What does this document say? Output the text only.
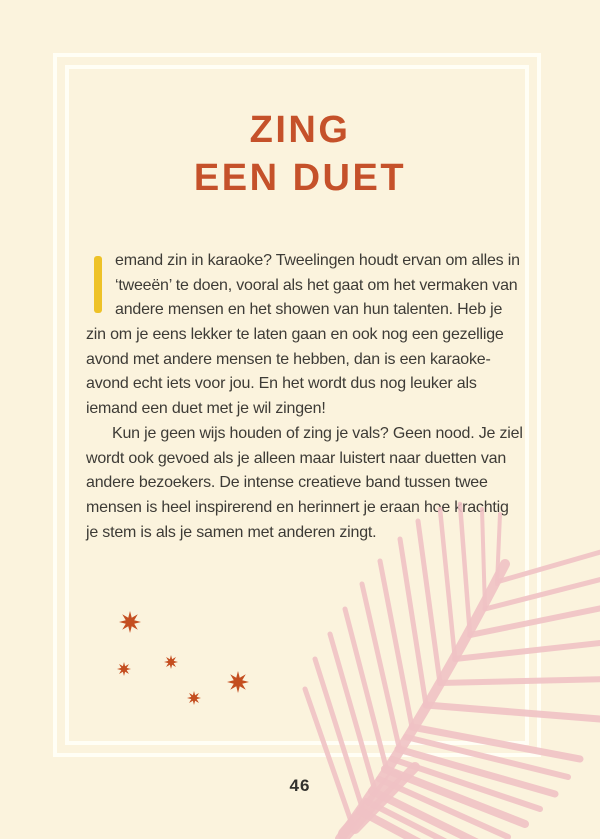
ZING
EEN DUET
emand zin in karaoke? Tweelingen houdt ervan om alles in
‘tweeën’ te doen, vooral als het gaat om het vermaken van
andere mensen en het showen van hun talenten. Heb je
zin om je eens lekker te laten gaan en ook nog een gezellige
avond met andere mensen te hebben, dan is een karaoke-
avond echt iets voor jou. En het wordt dus nog leuker als
iemand een duet met je wil zingen!
Kun je geen wijs houden of zing je vals? Geen nood. Je ziel
wordt ook gevoed als je alleen maar luistert naar duetten van
andere bezoekers. De intense creatieve band tussen twee
mensen is heel inspirerend en herinnert je eraan hoe krachtig
je stem is als je samen met anderen zingt.
46
